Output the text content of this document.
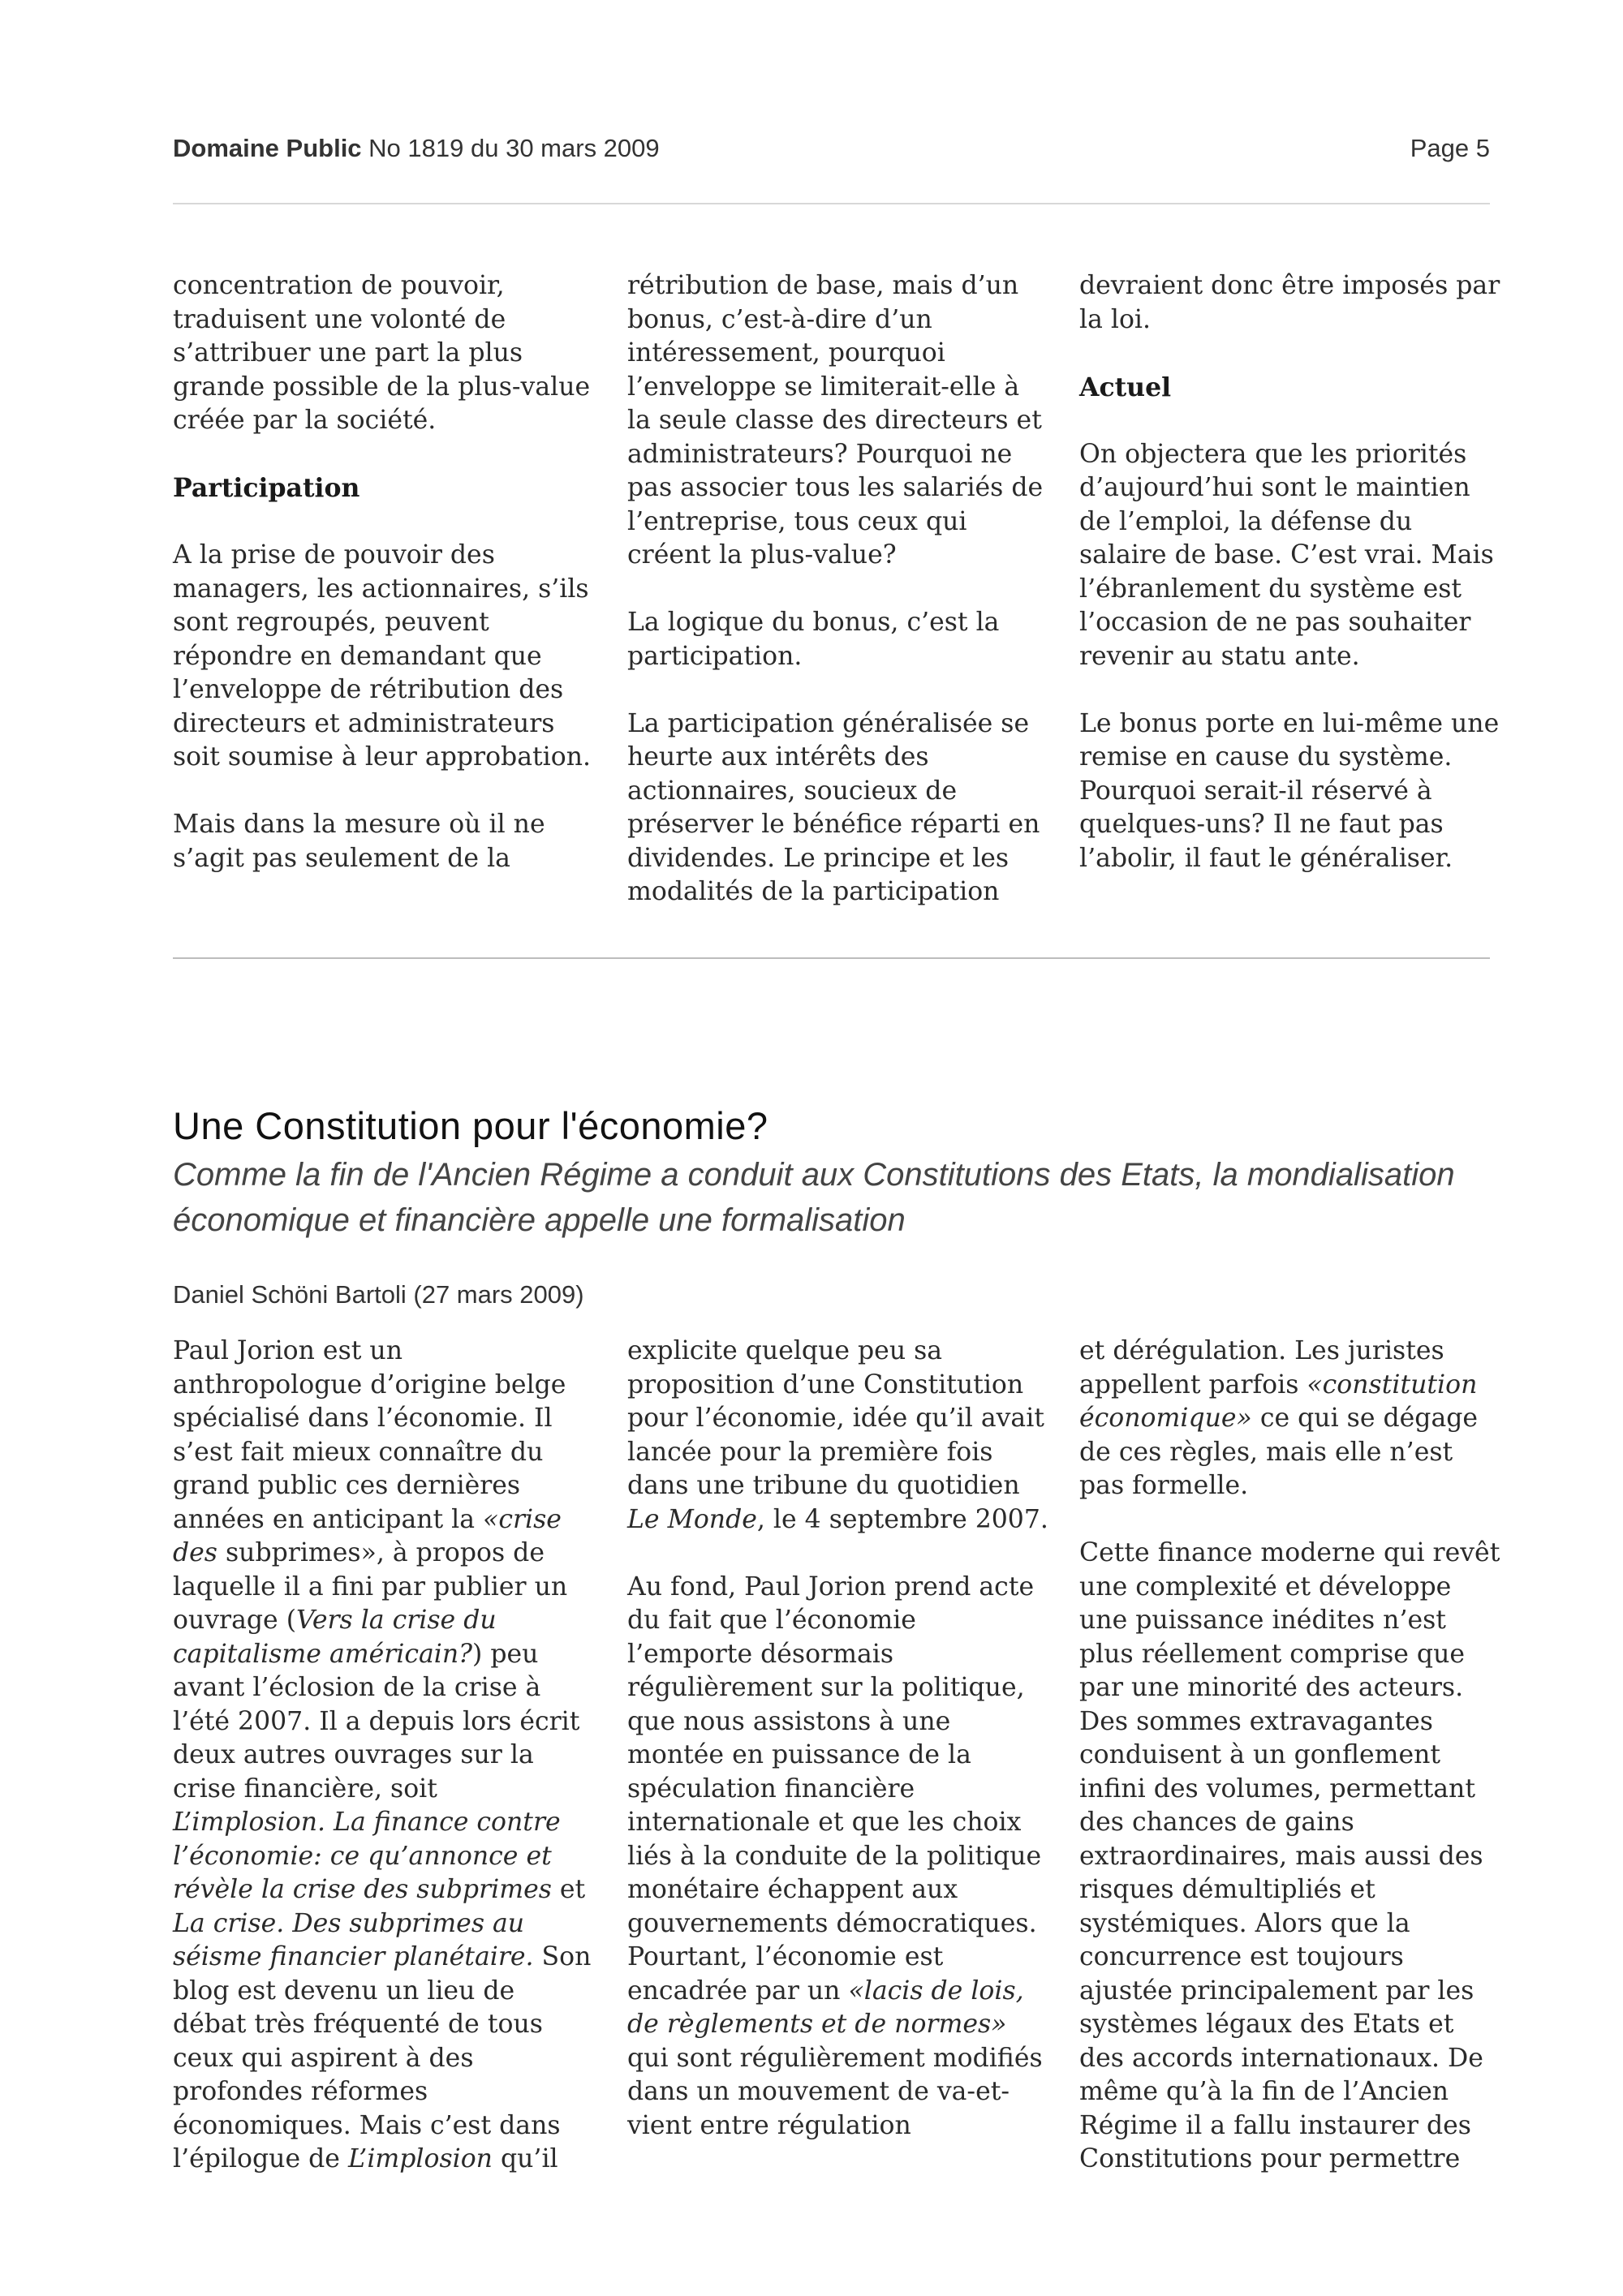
Domaine Public No 1819 du 30 mars 2009	Page 5

concentration de pouvoir, traduisent une volonté de s’attribuer une part la plus grande possible de la plus-value créée par la société.

Participation

A la prise de pouvoir des managers, les actionnaires, s’ils sont regroupés, peuvent répondre en demandant que l’enveloppe de rétribution des directeurs et administrateurs soit soumise à leur approbation.

Mais dans la mesure où il ne s’agit pas seulement de la

rétribution de base, mais d’un bonus, c’est-à-dire d’un intéressement, pourquoi l’enveloppe se limiterait-elle à la seule classe des directeurs et administrateurs? Pourquoi ne pas associer tous les salariés de l’entreprise, tous ceux qui créent la plus-value?

La logique du bonus, c’est la participation.

La participation généralisée se heurte aux intérêts des actionnaires, soucieux de préserver le bénéfice réparti en dividendes. Le principe et les modalités de la participation

devraient donc être imposés par la loi.

Actuel

On objectera que les priorités d’aujourd’hui sont le maintien de l’emploi, la défense du salaire de base. C’est vrai. Mais l’ébranlement du système est l’occasion de ne pas souhaiter revenir au statu ante.

Le bonus porte en lui-même une remise en cause du système. Pourquoi serait-il réservé à quelques-uns? Il ne faut pas l’abolir, il faut le généraliser.

Une Constitution pour l'économie?

Comme la fin de l'Ancien Régime a conduit aux Constitutions des Etats, la mondialisation économique et financière appelle une formalisation

Daniel Schöni Bartoli (27 mars 2009)

Paul Jorion est un anthropologue d’origine belge spécialisé dans l’économie. Il s’est fait mieux connaître du grand public ces dernières années en anticipant la «crise des subprimes», à propos de laquelle il a fini par publier un ouvrage (Vers la crise du capitalisme américain?) peu avant l’éclosion de la crise à l’été 2007. Il a depuis lors écrit deux autres ouvrages sur la crise financière, soit L’implosion. La finance contre l’économie: ce qu’annonce et révèle la crise des subprimes et La crise. Des subprimes au séisme financier planétaire. Son blog est devenu un lieu de débat très fréquenté de tous ceux qui aspirent à des profondes réformes économiques. Mais c’est dans l’épilogue de L’implosion qu’il

explicite quelque peu sa proposition d’une Constitution pour l’économie, idée qu’il avait lancée pour la première fois dans une tribune du quotidien Le Monde, le 4 septembre 2007.

Au fond, Paul Jorion prend acte du fait que l’économie l’emporte désormais régulièrement sur la politique, que nous assistons à une montée en puissance de la spéculation financière internationale et que les choix liés à la conduite de la politique monétaire échappent aux gouvernements démocratiques. Pourtant, l’économie est encadrée par un «lacis de lois, de règlements et de normes» qui sont régulièrement modifiés dans un mouvement de va-et-vient entre régulation

et dérégulation. Les juristes appellent parfois «constitution économique» ce qui se dégage de ces règles, mais elle n’est pas formelle.

Cette finance moderne qui revêt une complexité et développe une puissance inédites n’est plus réellement comprise que par une minorité des acteurs. Des sommes extravagantes conduisent à un gonflement infini des volumes, permettant des chances de gains extraordinaires, mais aussi des risques démultipliés et systémiques. Alors que la concurrence est toujours ajustée principalement par les systèmes légaux des Etats et des accords internationaux. De même qu’à la fin de l’Ancien Régime il a fallu instaurer des Constitutions pour permettre
